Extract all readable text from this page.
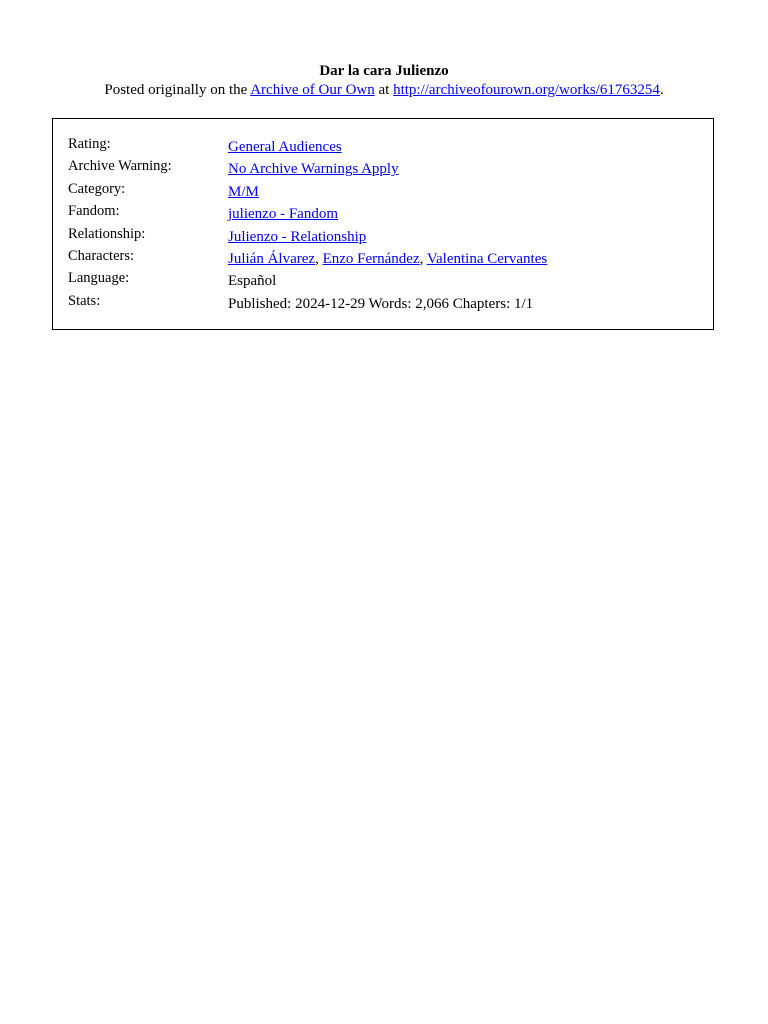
Dar la cara Julienzo
Posted originally on the Archive of Our Own at http://archiveofourown.org/works/61763254.
Rating:	General Audiences
Archive Warning:	No Archive Warnings Apply
Category:	M/M
Fandom:	julienzo - Fandom
Relationship:	Julienzo - Relationship
Characters:	Julián Álvarez, Enzo Fernández, Valentina Cervantes
Language:	Español
Stats:	Published: 2024-12-29 Words: 2,066 Chapters: 1/1
